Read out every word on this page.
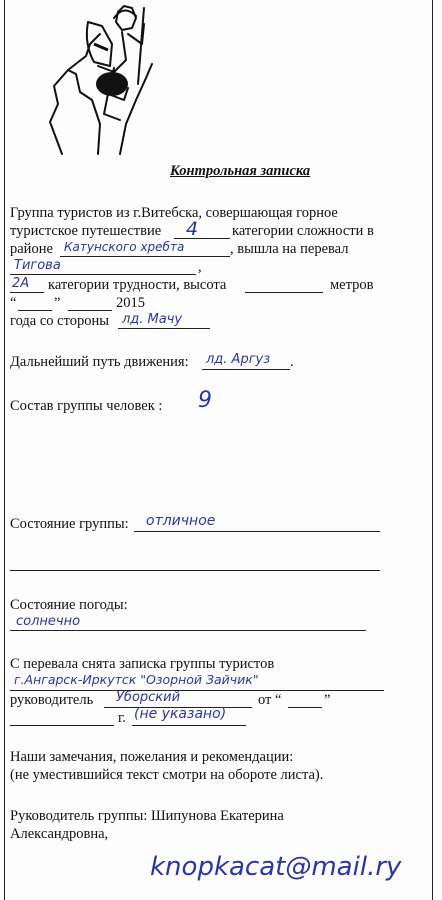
Контрольная записка
Группа туристов из г.Витебска, совершающая горное
туристское путешествие 4 категории сложности в
районе Катунского хребта	, вышла на перевал
Тигова	,
2А категории трудности, высота	метров
“	”	2015
года со стороны лд. Мачу
Дальнейший путь движения: лд. Аргуз .
Состав группы человек : 9
Состояние группы: отличное
Состояние погоды:
солнечно
С перевала снята записка группы туристов
г.Ангарск-Иркутск "Озорной Зайчик"
руководитель Уборский	от “	”
г. (не указано)
Наши замечания, пожелания и рекомендации:
(не уместившийся текст смотри на обороте листа).
Руководитель группы: Шипунова Екатерина
Александровна,
knopkacat@mail.ry
